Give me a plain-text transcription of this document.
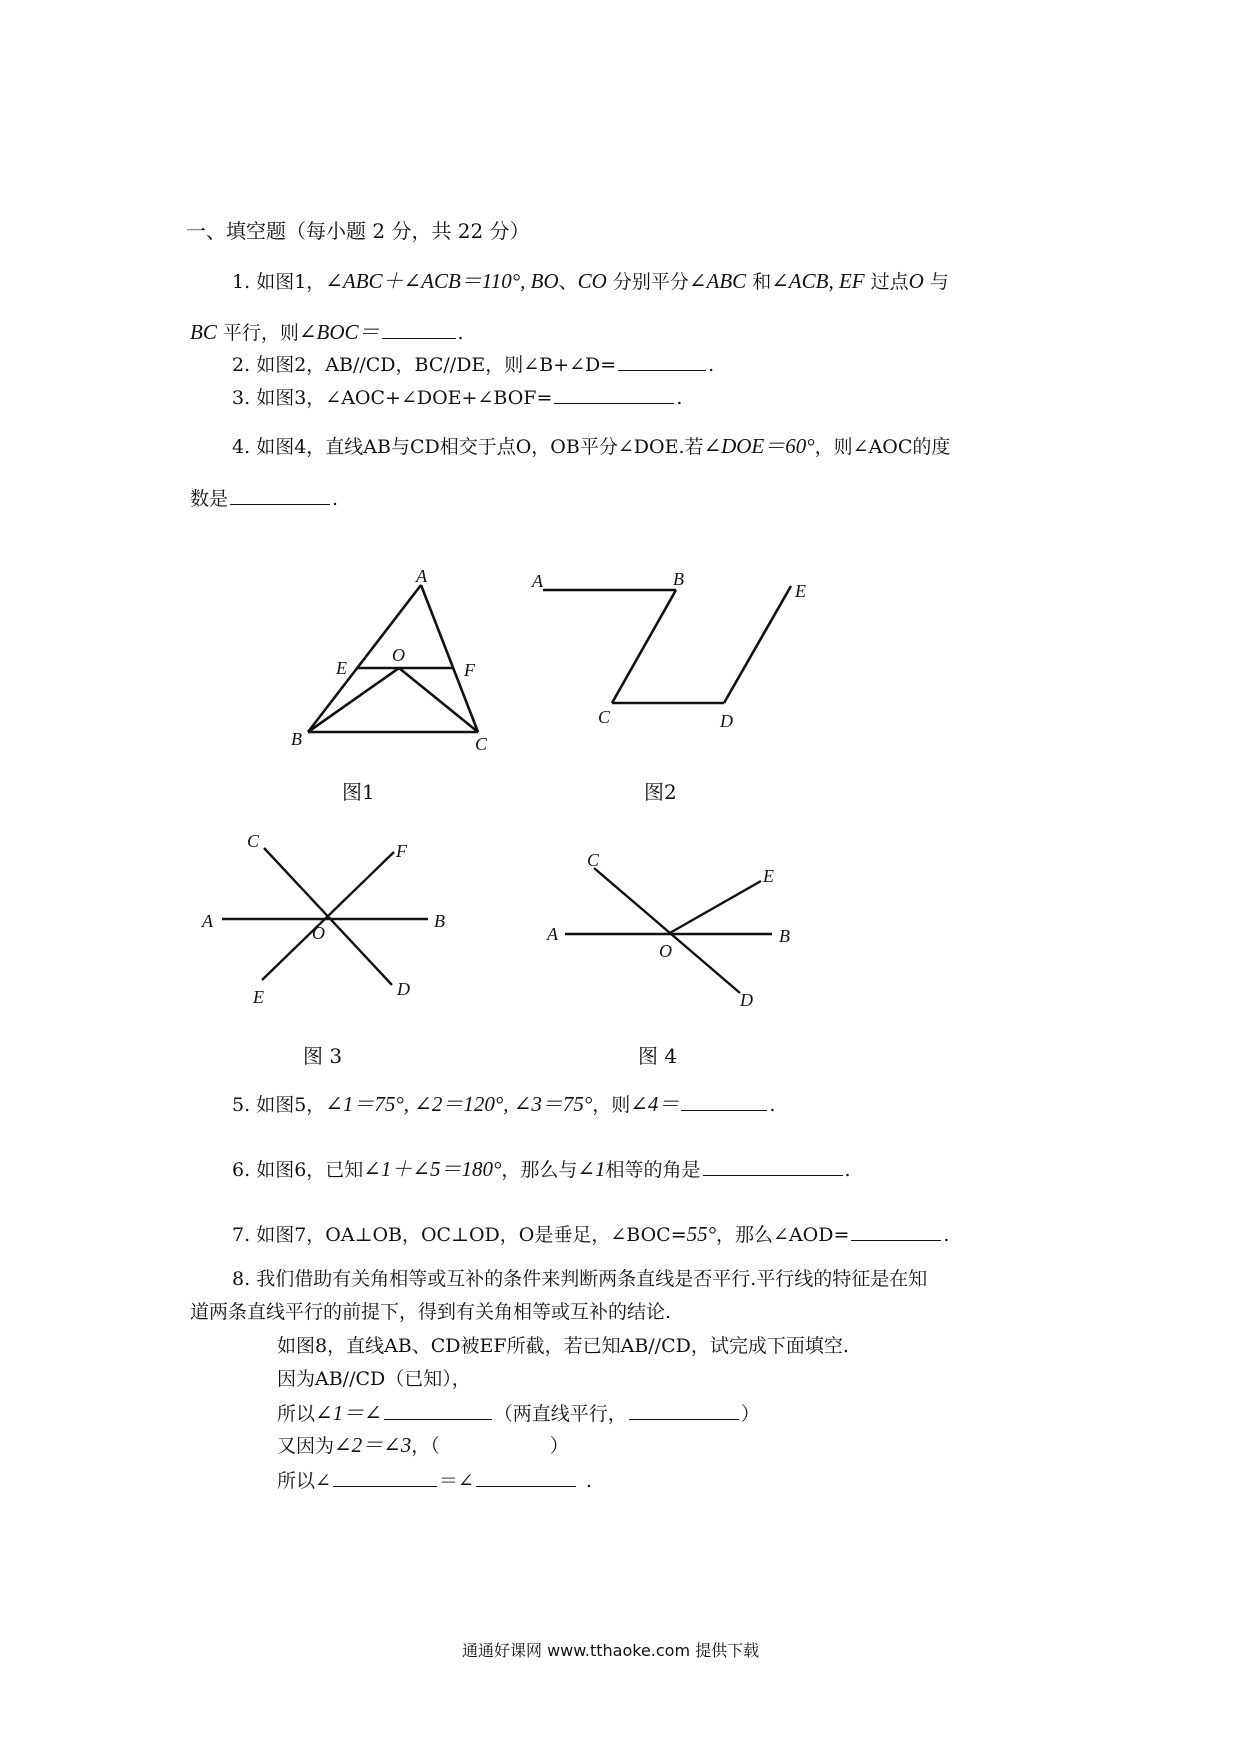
一、填空题（每小题 2 分，共 22 分）
1. 如图1，∠ABC＋∠ACB＝110°, BO、CO 分别平分∠ABC 和∠ACB, EF 过点O 与
BC 平行，则∠BOC＝	.
2. 如图2，AB//CD，BC//DE，则∠B+∠D=	.
3. 如图3，∠AOC+∠DOE+∠BOF=	.
4. 如图4，直线AB与CD相交于点O，OB平分∠DOE.若∠DOE＝60°，则∠AOC的度
数是	.
A
E
O
F
B	C
A	B
E
C	D
C	F
A
O
B
E	D
C
E
A
O
B
D
图1	图2
图 3	图 4
5. 如图5，∠1＝75°, ∠2＝120°, ∠3＝75°，则∠4＝	.
6. 如图6，已知∠1＋∠5＝180°，那么与∠1相等的角是	.
7. 如图7，OA⊥OB，OC⊥OD，O是垂足，∠BOC=55°，那么∠AOD=	.
8. 我们借助有关角相等或互补的条件来判断两条直线是否平行.平行线的特征是在知
道两条直线平行的前提下，得到有关角相等或互补的结论.
如图8，直线AB、CD被EF所截，若已知AB//CD，试完成下面填空.
因为AB//CD（已知），
所以∠1＝∠	（两直线平行，	）
又因为∠2＝∠3，（	）
所以∠	＝∠	.
通通好课网 www.tthaoke.com 提供下载
